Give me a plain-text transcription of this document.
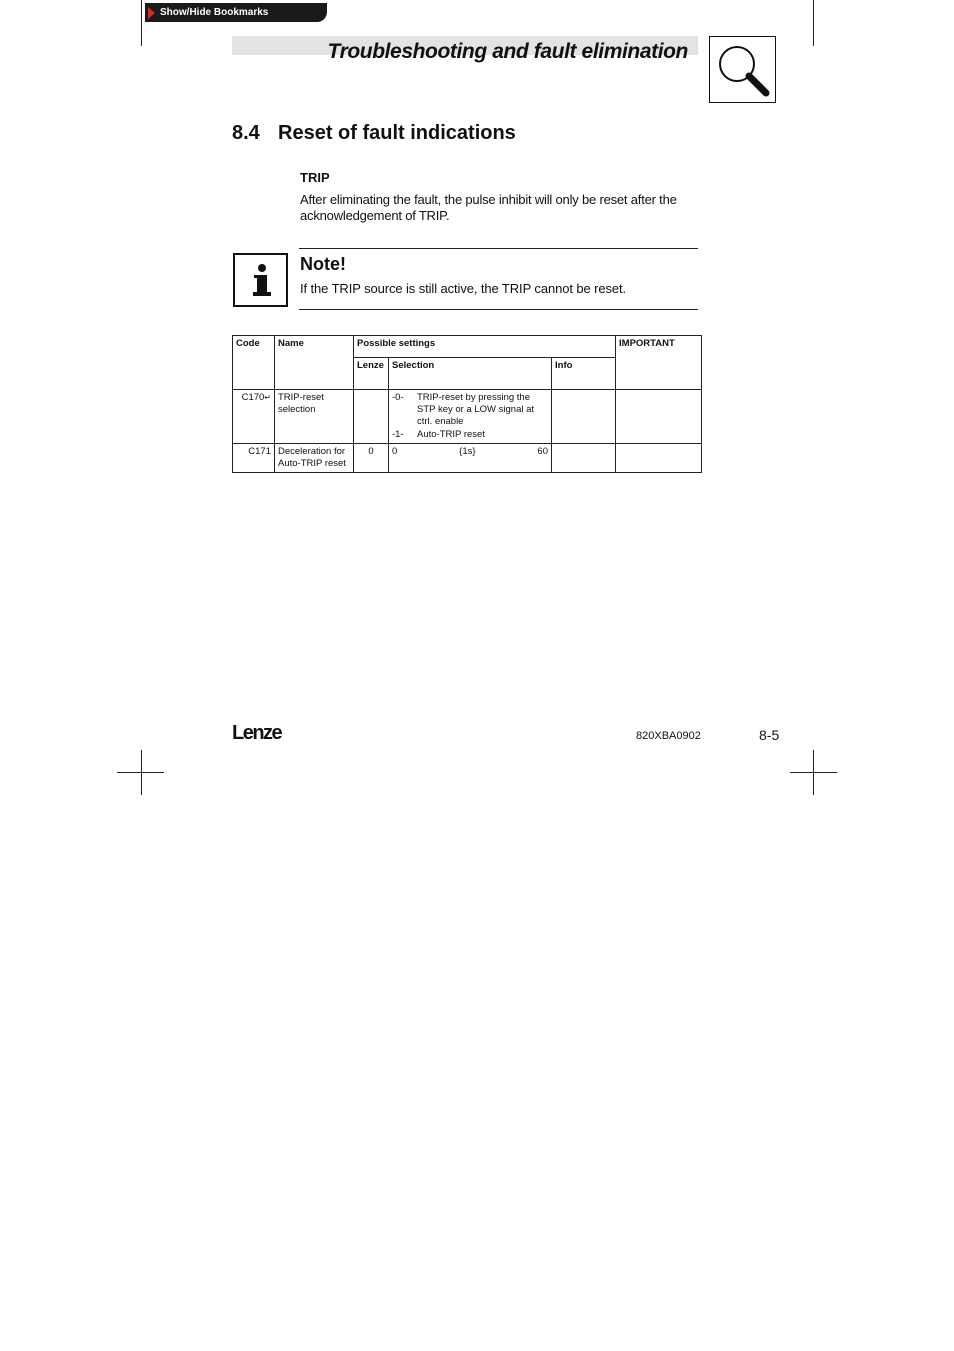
Show/Hide Bookmarks
Troubleshooting and fault elimination
8.4 Reset of fault indications
TRIP
After eliminating the fault, the pulse inhibit will only be reset after the acknowledgement of TRIP.
Note!
If the TRIP source is still active, the TRIP cannot be reset.
Code	Name	Possible settings			IMPORTANT
		Lenze	Selection	Info	
C170↵	TRIP-reset selection		-0- TRIP-reset by pressing the STP key or a LOW signal at ctrl. enable
-1- Auto-TRIP reset		

C171	Deceleration for Auto-TRIP reset	0	0 {1s} 60		

Lenze	820XBA0902	8-5
